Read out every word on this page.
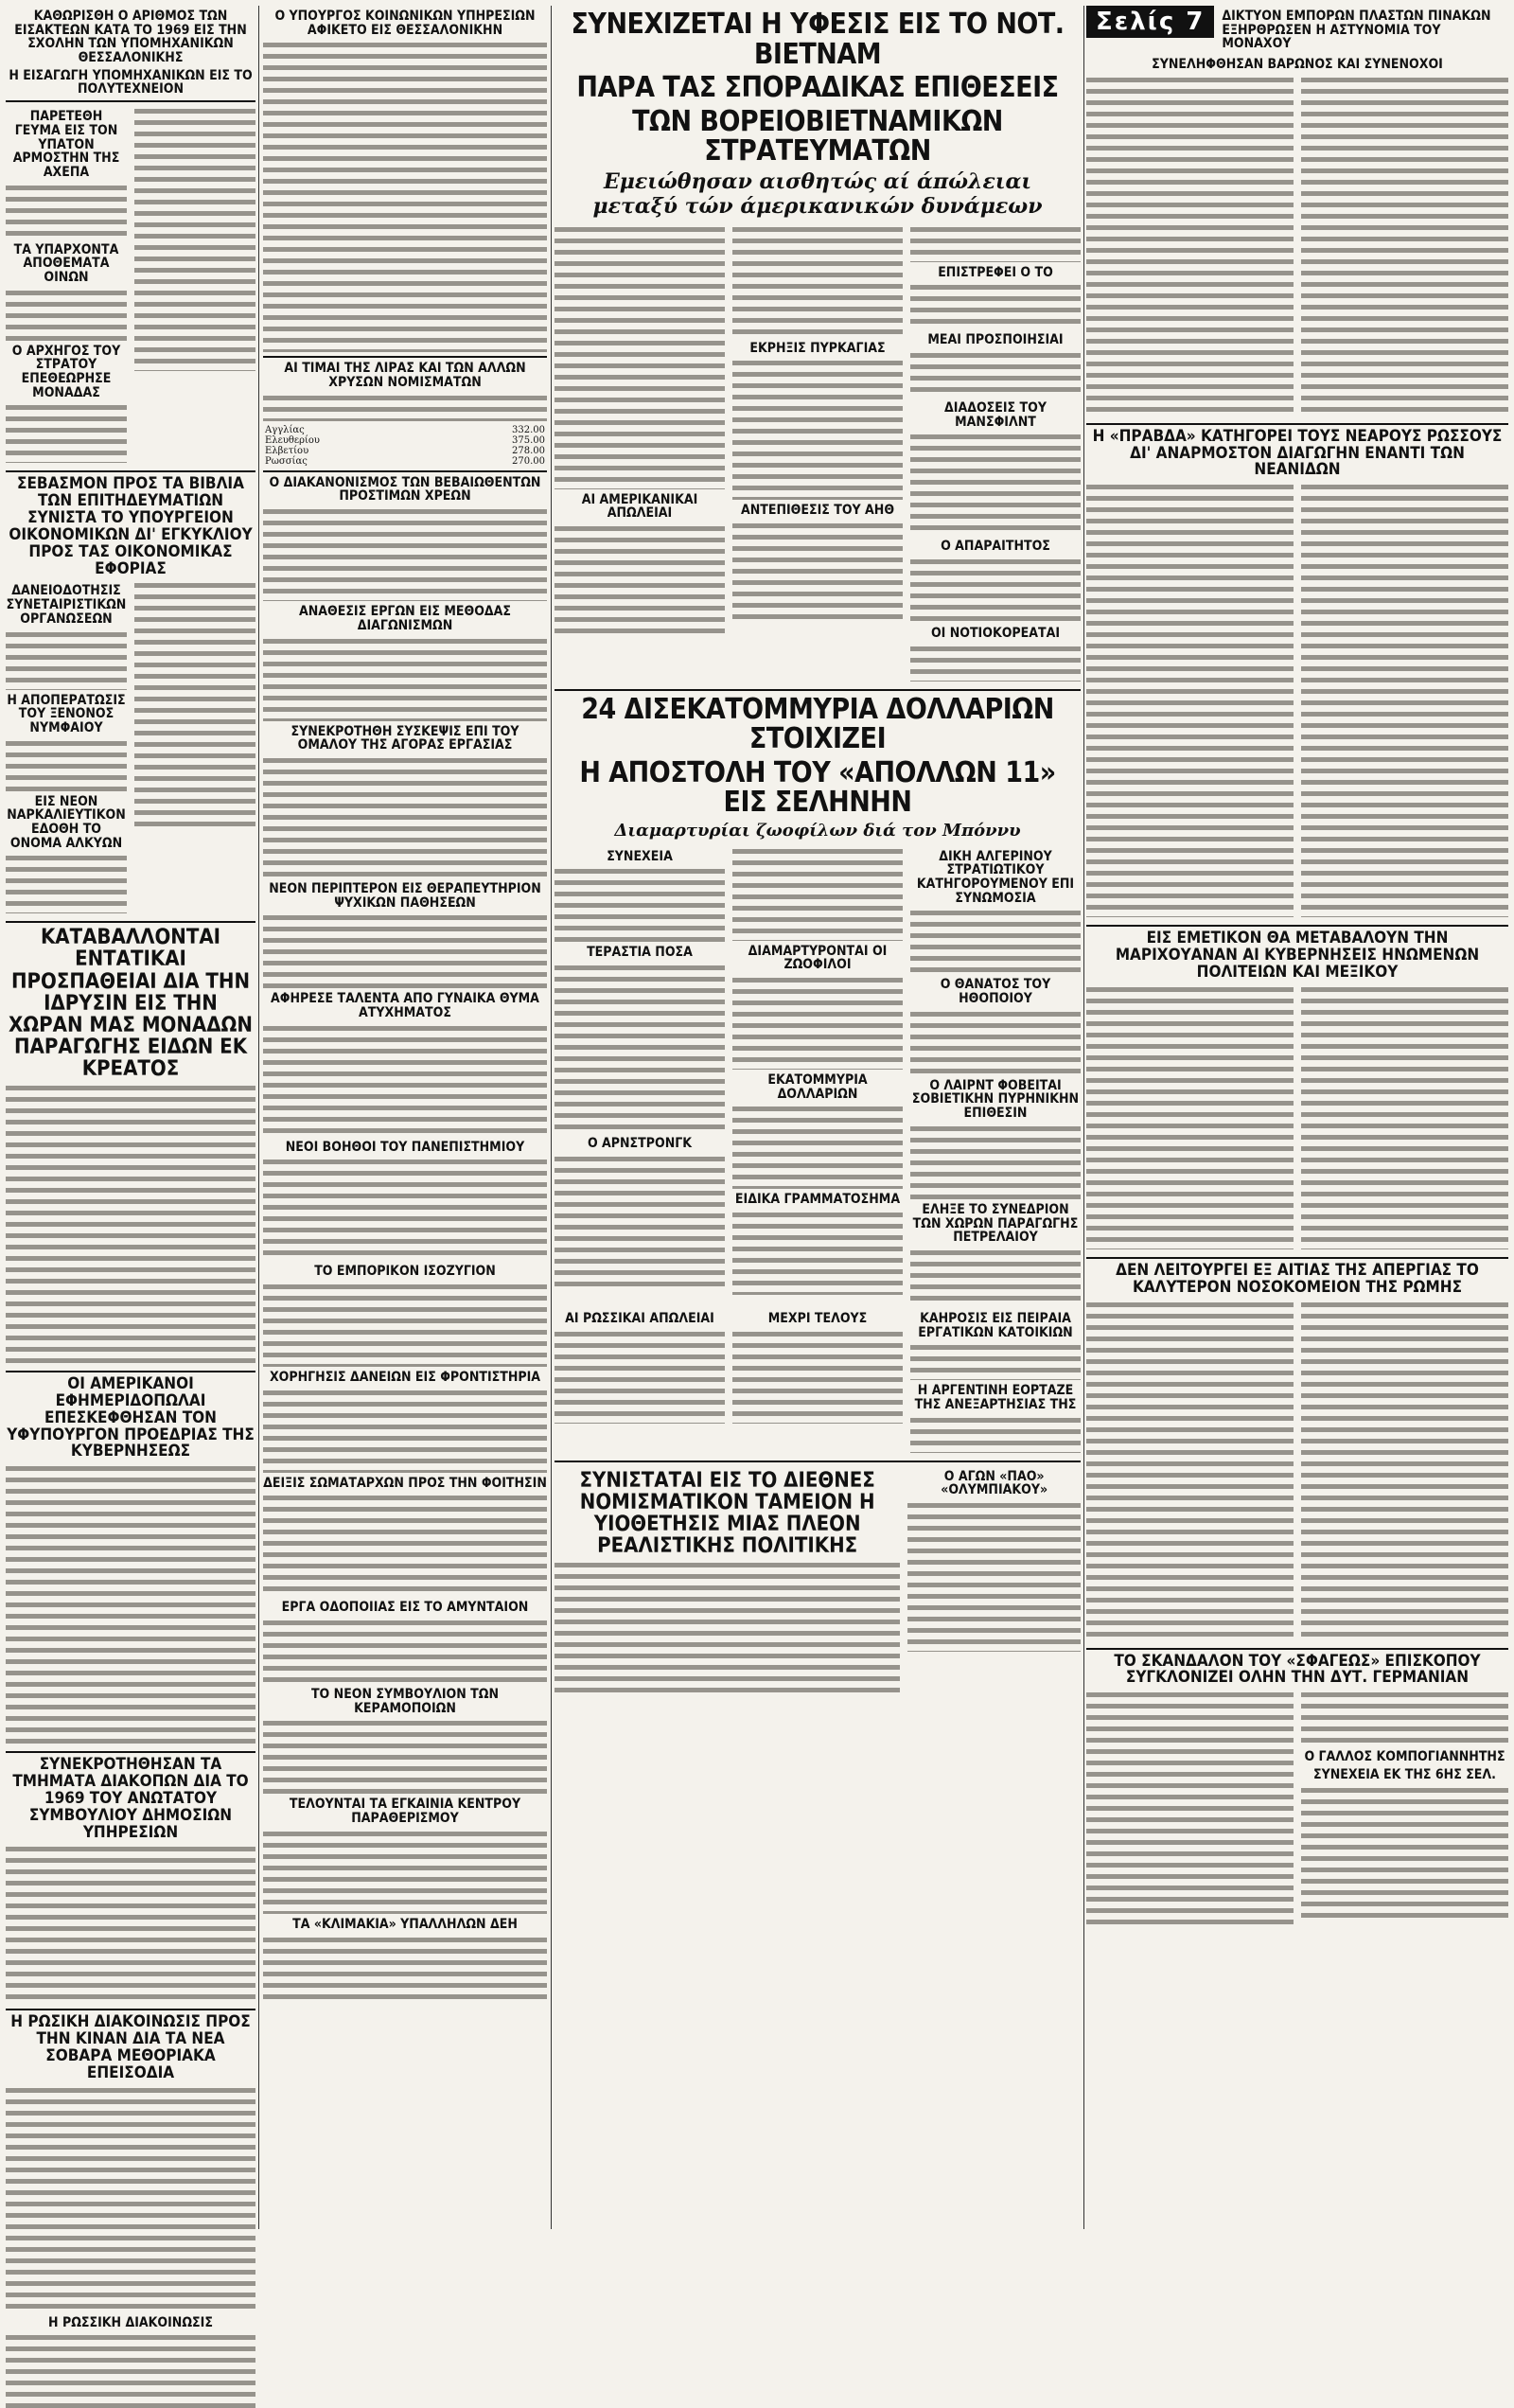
ΚΑΘΩΡΙΣΘΗ Ο ΑΡΙΘΜΟΣ ΤΩΝ ΕΙΣΑΚΤΕΩΝ ΚΑΤΑ ΤΟ 1969 ΕΙΣ ΤΗΝ ΣΧΟΛΗΝ ΤΩΝ ΥΠΟΜΗΧΑΝΙΚΩΝ ΘΕΣΣΑΛΟΝΙΚΗΣ
Η ΕΙΣΑΓΩΓΗ ΥΠΟΜΗΧΑΝΙΚΩΝ ΕΙΣ ΤΟ ΠΟΛΥΤΕΧΝΕΙΟΝ
ΠΑΡΕΤΕΘΗ ΓΕΥΜΑ ΕΙΣ ΤΟΝ ΥΠΑΤΟΝ ΑΡΜΟΣΤΗΝ ΤΗΣ ΑΧΕΠΑ
ΤΑ ΥΠΑΡΧΟΝΤΑ ΑΠΟΘΕΜΑΤΑ ΟΙΝΩΝ
Ο ΑΡΧΗΓΟΣ ΤΟΥ ΣΤΡΑΤΟΥ ΕΠΕΘΕΩΡΗΣΕ ΜΟΝΑΔΑΣ
ΣΕΒΑΣΜΟΝ ΠΡΟΣ ΤΑ ΒΙΒΛΙΑ ΤΩΝ ΕΠΙΤΗΔΕΥΜΑΤΙΩΝ ΣΥΝΙΣΤΑ ΤΟ ΥΠΟΥΡΓΕΙΟΝ ΟΙΚΟΝΟΜΙΚΩΝ ΔΙ' ΕΓΚΥΚΛΙΟΥ ΠΡΟΣ ΤΑΣ ΟΙΚΟΝΟΜΙΚΑΣ ΕΦΟΡΙΑΣ
ΔΑΝΕΙΟΔΟΤΗΣΙΣ ΣΥΝΕΤΑΙΡΙΣΤΙΚΩΝ ΟΡΓΑΝΩΣΕΩΝ
Η ΑΠΟΠΕΡΑΤΩΣΙΣ ΤΟΥ ΞΕΝΟΝΟΣ ΝΥΜΦΑΙΟΥ
ΕΙΣ ΝΕΟΝ ΝΑΡΚΑΛΙΕΥΤΙΚΟΝ ΕΔΟΘΗ ΤΟ ΟΝΟΜΑ ΑΛΚΥΩΝ
ΚΑΤΑΒΑΛΛΟΝΤΑΙ ΕΝΤΑΤΙΚΑΙ ΠΡΟΣΠΑΘΕΙΑΙ ΔΙΑ ΤΗΝ ΙΔΡΥΣΙΝ ΕΙΣ ΤΗΝ ΧΩΡΑΝ ΜΑΣ ΜΟΝΑΔΩΝ ΠΑΡΑΓΩΓΗΣ ΕΙΔΩΝ ΕΚ ΚΡΕΑΤΟΣ
ΟΙ ΑΜΕΡΙΚΑΝΟΙ ΕΦΗΜΕΡΙΔΟΠΩΛΑΙ ΕΠΕΣΚΕΦΘΗΣΑΝ ΤΟΝ ΥΦΥΠΟΥΡΓΟΝ ΠΡΟΕΔΡΙΑΣ ΤΗΣ ΚΥΒΕΡΝΗΣΕΩΣ
ΣΥΝΕΚΡΟΤΗΘΗΣΑΝ ΤΑ ΤΜΗΜΑΤΑ ΔΙΑΚΟΠΩΝ ΔΙΑ ΤΟ 1969 ΤΟΥ ΑΝΩΤΑΤΟΥ ΣΥΜΒΟΥΛΙΟΥ ΔΗΜΟΣΙΩΝ ΥΠΗΡΕΣΙΩΝ
Η ΡΩΣΙΚΗ ΔΙΑΚΟΙΝΩΣΙΣ ΠΡΟΣ ΤΗΝ ΚΙΝΑΝ ΔΙΑ ΤΑ ΝΕΑ ΣΟΒΑΡΑ ΜΕΘΟΡΙΑΚΑ ΕΠΕΙΣΟΔΙΑ
Η ΡΩΣΣΙΚΗ ΔΙΑΚΟΙΝΩΣΙΣ
Ο ΥΠΟΥΡΓΟΣ ΚΟΙΝΩΝΙΚΩΝ ΥΠΗΡΕΣΙΩΝ ΑΦΙΚΕΤΟ ΕΙΣ ΘΕΣΣΑΛΟΝΙΚΗΝ
ΑΙ ΤΙΜΑΙ ΤΗΣ ΛΙΡΑΣ ΚΑΙ ΤΩΝ ΑΛΛΩΝ ΧΡΥΣΩΝ ΝΟΜΙΣΜΑΤΩΝ
Αγγλίας	332.00
Ελευθερίου	375.00
Ελβετίου	278.00
Ρωσσίας	270.00
Ο ΔΙΑΚΑΝΟΝΙΣΜΟΣ ΤΩΝ ΒΕΒΑΙΩΘΕΝΤΩΝ ΠΡΟΣΤΙΜΩΝ ΧΡΕΩΝ
ΑΝΑΘΕΣΙΣ ΕΡΓΩΝ ΕΙΣ ΜΕΘΟΔΑΣ ΔΙΑΓΩΝΙΣΜΩΝ
ΣΥΝΕΚΡΟΤΗΘΗ ΣΥΣΚΕΨΙΣ ΕΠΙ ΤΟΥ ΟΜΑΛΟΥ ΤΗΣ ΑΓΟΡΑΣ ΕΡΓΑΣΙΑΣ
ΝΕΟΝ ΠΕΡΙΠΤΕΡΟΝ ΕΙΣ ΘΕΡΑΠΕΥΤΗΡΙΟΝ ΨΥΧΙΚΩΝ ΠΑΘΗΣΕΩΝ
ΑΦΗΡΕΣΕ ΤΑΛΕΝΤΑ ΑΠΟ ΓΥΝΑΙΚΑ ΘΥΜΑ ΑΤΥΧΗΜΑΤΟΣ
ΝΕΟΙ ΒΟΗΘΟΙ ΤΟΥ ΠΑΝΕΠΙΣΤΗΜΙΟΥ
ΤΟ ΕΜΠΟΡΙΚΟΝ ΙΣΟΖΥΓΙΟΝ
ΧΟΡΗΓΗΣΙΣ ΔΑΝΕΙΩΝ ΕΙΣ ΦΡΟΝΤΙΣΤΗΡΙΑ
ΔΕΙΞΙΣ ΣΩΜΑΤΑΡΧΩΝ ΠΡΟΣ ΤΗΝ ΦΟΙΤΗΣΙΝ
ΕΡΓΑ ΟΔΟΠΟΙΙΑΣ ΕΙΣ ΤΟ ΑΜΥΝΤΑΙΟΝ
ΤΟ ΝΕΟΝ ΣΥΜΒΟΥΛΙΟΝ ΤΩΝ ΚΕΡΑΜΟΠΟΙΩΝ
ΤΕΛΟΥΝΤΑΙ ΤΑ ΕΓΚΑΙΝΙΑ ΚΕΝΤΡΟΥ ΠΑΡΑΘΕΡΙΣΜΟΥ
ΤΑ «ΚΛΙΜΑΚΙΑ» ΥΠΑΛΛΗΛΩΝ ΔΕΗ
ΣΥΝΕΧΙΖΕΤΑΙ Η ΥΦΕΣΙΣ ΕΙΣ ΤΟ ΝΟΤ. ΒΙΕΤΝΑΜ
ΠΑΡΑ ΤΑΣ ΣΠΟΡΑΔΙΚΑΣ ΕΠΙΘΕΣΕΙΣ
ΤΩΝ ΒΟΡΕΙΟΒΙΕΤΝΑΜΙΚΩΝ ΣΤΡΑΤΕΥΜΑΤΩΝ
Εμειώθησαν αισθητώς αί άπώλειαι
μεταξύ τών άμερικανικών δυνάμεων
ΑΙ ΑΜΕΡΙΚΑΝΙΚΑΙ ΑΠΩΛΕΙΑΙ
ΕΚΡΗΞΙΣ ΠΥΡΚΑΓΙΑΣ
ΑΝΤΕΠΙΘΕΣΙΣ ΤΟΥ ΑΗΘ
ΕΠΙΣΤΡΕΦΕΙ Ο ΤΟ
ΜΕΑΙ ΠΡΟΣΠΟΙΗΣΙΑΙ
ΔΙΑΔΟΣΕΙΣ ΤΟΥ ΜΑΝΣΦΙΛΝΤ
Ο ΑΠΑΡΑΙΤΗΤΟΣ
ΟΙ ΝΟΤΙΟΚΟΡΕΑΤΑΙ
24 ΔΙΣΕΚΑΤΟΜΜΥΡΙΑ ΔΟΛΛΑΡΙΩΝ ΣΤΟΙΧΙΖΕΙ
Η ΑΠΟΣΤΟΛΗ ΤΟΥ «ΑΠΟΛΛΩΝ 11» ΕΙΣ ΣΕΛΗΝΗΝ
Διαμαρτυρίαι ζωοφίλων διά τον Μπόννυ
ΣΥΝΕΧΕΙΑ
ΤΕΡΑΣΤΙΑ ΠΟΣΑ
Ο ΑΡΝΣΤΡΟΝΓΚ
ΔΙΑΜΑΡΤΥΡΟΝΤΑΙ ΟΙ ΖΩΟΦΙΛΟΙ
ΕΚΑΤΟΜΜΥΡΙΑ ΔΟΛΛΑΡΙΩΝ
ΕΙΔΙΚΑ ΓΡΑΜΜΑΤΟΣΗΜΑ
ΔΙΚΗ ΑΛΓΕΡΙΝΟΥ ΣΤΡΑΤΙΩΤΙΚΟΥ ΚΑΤΗΓΟΡΟΥΜΕΝΟΥ ΕΠΙ ΣΥΝΩΜΟΣΙΑ
Ο ΘΑΝΑΤΟΣ ΤΟΥ ΗΘΟΠΟΙΟΥ
Ο ΛΑΙΡΝΤ ΦΟΒΕΙΤΑΙ ΣΟΒΙΕΤΙΚΗΝ ΠΥΡΗΝΙΚΗΝ ΕΠΙΘΕΣΙΝ
ΕΛΗΞΕ ΤΟ ΣΥΝΕΔΡΙΟΝ ΤΩΝ ΧΩΡΩΝ ΠΑΡΑΓΩΓΗΣ ΠΕΤΡΕΛΑΙΟΥ
ΑΙ ΡΩΣΣΙΚΑΙ ΑΠΩΛΕΙΑΙ	ΜΕΧΡΙ ΤΕΛΟΥΣ	ΚΑΗΡΟΣΙΣ ΕΙΣ ΠΕΙΡΑΙΑ ΕΡΓΑΤΙΚΩΝ ΚΑΤΟΙΚΙΩΝ
Η ΑΡΓΕΝΤΙΝΗ ΕΟΡΤΑΖΕ ΤΗΣ ΑΝΕΞΑΡΤΗΣΙΑΣ ΤΗΣ
ΣΥΝΙΣΤΑΤΑΙ ΕΙΣ ΤΟ ΔΙΕΘΝΕΣ ΝΟΜΙΣΜΑΤΙΚΟΝ ΤΑΜΕΙΟΝ Η ΥΙΟΘΕΤΗΣΙΣ ΜΙΑΣ ΠΛΕΟΝ ΡΕΑΛΙΣΤΙΚΗΣ ΠΟΛΙΤΙΚΗΣ
Ο ΑΓΩΝ «ΠΑΟ» «ΟΛΥΜΠΙΑΚΟΥ»
Σελίς 7	ΔΙΚΤΥΟΝ ΕΜΠΟΡΩΝ ΠΛΑΣΤΩΝ ΠΙΝΑΚΩΝ ΕΞΗΡΘΡΩΣΕΝ Η ΑΣΤΥΝΟΜΙΑ ΤΟΥ ΜΟΝΑΧΟΥ
ΣΥΝΕΛΗΦΘΗΣΑΝ ΒΑΡΩΝΟΣ ΚΑΙ ΣΥΝΕΝΟΧΟΙ
Η «ΠΡΑΒΔΑ» ΚΑΤΗΓΟΡΕΙ ΤΟΥΣ ΝΕΑΡΟΥΣ ΡΩΣΣΟΥΣ ΔΙ' ΑΝΑΡΜΟΣΤΟΝ ΔΙΑΓΩΓΗΝ ΕΝΑΝΤΙ ΤΩΝ ΝΕΑΝΙΔΩΝ
ΕΙΣ ΕΜΕΤΙΚΟΝ ΘΑ ΜΕΤΑΒΑΛΟΥΝ ΤΗΝ ΜΑΡΙΧΟΥΑΝΑΝ ΑΙ ΚΥΒΕΡΝΗΣΕΙΣ ΗΝΩΜΕΝΩΝ ΠΟΛΙΤΕΙΩΝ ΚΑΙ ΜΕΞΙΚΟΥ
ΔΕΝ ΛΕΙΤΟΥΡΓΕΙ ΕΞ ΑΙΤΙΑΣ ΤΗΣ ΑΠΕΡΓΙΑΣ ΤΟ ΚΑΛΥΤΕΡΟΝ ΝΟΣΟΚΟΜΕΙΟΝ ΤΗΣ ΡΩΜΗΣ
ΤΟ ΣΚΑΝΔΑΛΟΝ ΤΟΥ «ΣΦΑΓΕΩΣ» ΕΠΙΣΚΟΠΟΥ ΣΥΓΚΛΟΝΙΖΕΙ ΟΛΗΝ ΤΗΝ ΔΥΤ. ΓΕΡΜΑΝΙΑΝ
Ο ΓΑΛΛΟΣ ΚΟΜΠΟΓΙΑΝΝΗΤΗΣ
ΣΥΝΕΧΕΙΑ ΕΚ ΤΗΣ 6ΗΣ ΣΕΛ.
